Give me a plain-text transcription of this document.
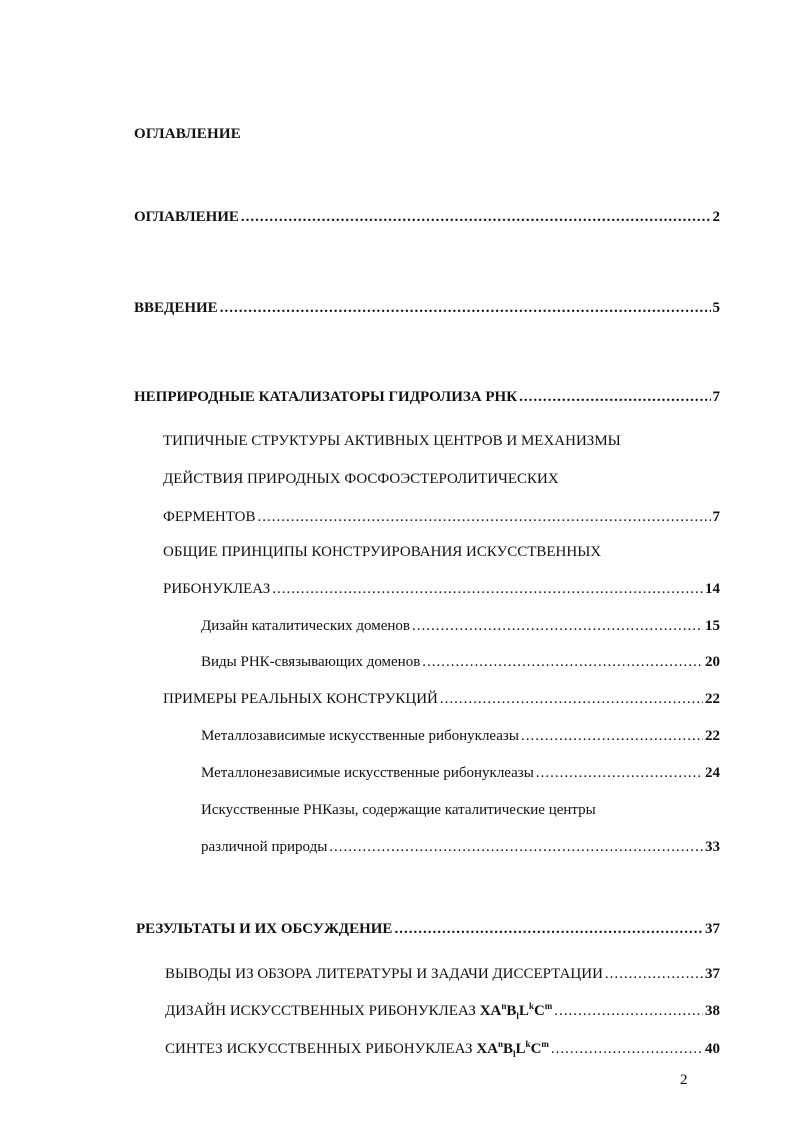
ОГЛАВЛЕНИЕ
ОГЛАВЛЕНИЕ .....	2
ВВЕДЕНИЕ .....	5
НЕПРИРОДНЫЕ КАТАЛИЗАТОРЫ ГИДРОЛИЗА РНК .....	7
ТИПИЧНЫЕ СТРУКТУРЫ АКТИВНЫХ ЦЕНТРОВ И МЕХАНИЗМЫ
ДЕЙСТВИЯ ПРИРОДНЫХ ФОСФОЭСТЕРОЛИТИЧЕСКИХ
ФЕРМЕНТОВ .....	7
ОБЩИЕ ПРИНЦИПЫ КОНСТРУИРОВАНИЯ ИСКУССТВЕННЫХ
РИБОНУКЛЕАЗ .....	14
Дизайн каталитических доменов .....	15
Виды РНК-связывающих доменов .....	20
ПРИМЕРЫ РЕАЛЬНЫХ КОНСТРУКЦИЙ .....	22
Металлозависимые искусственные рибонуклеазы .....	22
Металлонезависимые искусственные рибонуклеазы .....	24
Искусственные РНКазы, содержащие каталитические центры
различной природы .....	33
РЕЗУЛЬТАТЫ И ИХ ОБСУЖДЕНИЕ .....	37
ВЫВОДЫ ИЗ ОБЗОРА ЛИТЕРАТУРЫ И ЗАДАЧИ ДИССЕРТАЦИИ .....	37
ДИЗАЙН ИСКУССТВЕННЫХ РИБОНУКЛЕАЗ $XA^nB_lL^kC^m$ .....	38
СИНТЕЗ ИСКУССТВЕННЫХ РИБОНУКЛЕАЗ $XA^nB_lL^kC^m$ .....	40
2
